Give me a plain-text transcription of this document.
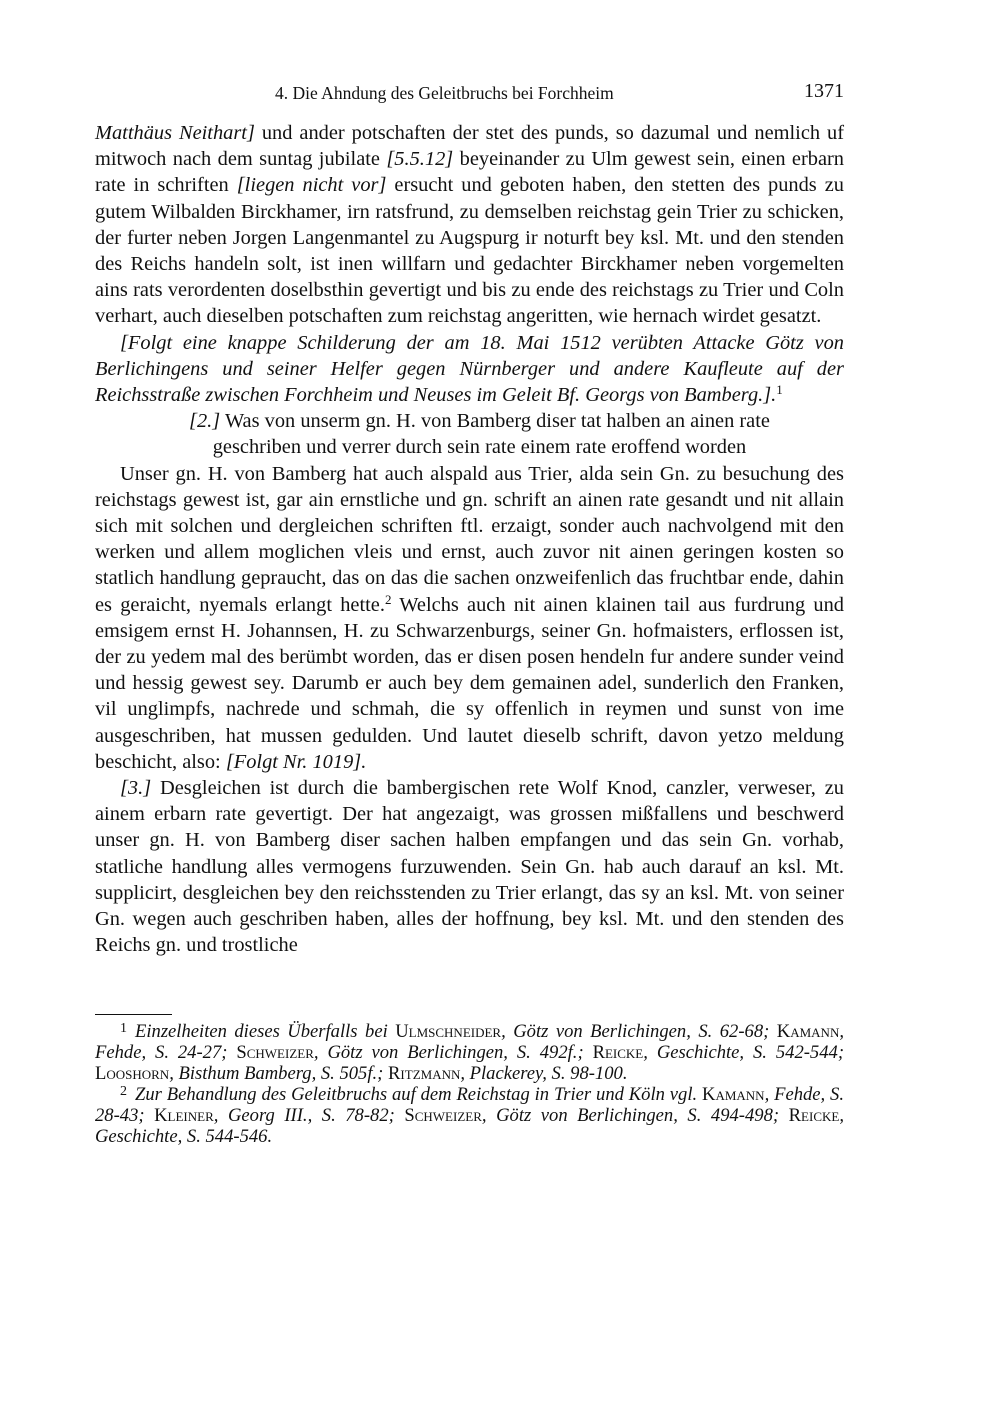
4. Die Ahndung des Geleitbruchs bei Forchheim	1371

Matthäus Neithart] und ander potschaften der stet des punds, so dazumal und nemlich uf mitwoch nach dem suntag jubilate [5.5.12] beyeinander zu Ulm gewest sein, einen erbarn rate in schriften [liegen nicht vor] ersucht und geboten haben, den stetten des punds zu gutem Wilbalden Birckhamer, irn ratsfrund, zu demselben reichstag gein Trier zu schicken, der furter neben Jorgen Langenmantel zu Augspurg ir noturft bey ksl. Mt. und den stenden des Reichs handeln solt, ist inen willfarn und gedachter Birckhamer neben vorgemelten ains rats verordenten doselbsthin gevertigt und bis zu ende des reichstags zu Trier und Coln verhart, auch dieselben potschaften zum reichstag angeritten, wie hernach wirdet gesatzt.

[Folgt eine knappe Schilderung der am 18. Mai 1512 verübten Attacke Götz von Berlichingens und seiner Helfer gegen Nürnberger und andere Kaufleute auf der Reichsstraße zwischen Forchheim und Neuses im Geleit Bf. Georgs von Bamberg.].$^1$

[2.] Was von unserm gn. H. von Bamberg diser tat halben an ainen rate geschriben und verrer durch sein rate einem rate eroffend worden

Unser gn. H. von Bamberg hat auch alspald aus Trier, alda sein Gn. zu besuchung des reichstags gewest ist, gar ain ernstliche und gn. schrift an ainen rate gesandt und nit allain sich mit solchen und dergleichen schriften ftl. erzaigt, sonder auch nachvolgend mit den werken und allem moglichen vleis und ernst, auch zuvor nit ainen geringen kosten so statlich handlung gepraucht, das on das die sachen onzweifenlich das fruchtbar ende, dahin es geraicht, nyemals erlangt hette.$^2$ Welchs auch nit ainen klainen tail aus furdrung und emsigem ernst H. Johannsen, H. zu Schwarzenburgs, seiner Gn. hofmaisters, erflossen ist, der zu yedem mal des berümbt worden, das er disen posen hendeln fur andere sunder veind und hessig gewest sey. Darumb er auch bey dem gemainen adel, sunderlich den Franken, vil unglimpfs, nachrede und schmah, die sy offenlich in reymen und sunst von ime ausgeschriben, hat mussen gedulden. Und lautet dieselb schrift, davon yetzo meldung beschicht, also: [Folgt Nr. 1019].

[3.] Desgleichen ist durch die bambergischen rete Wolf Knod, canzler, verweser, zu ainem erbarn rate gevertigt. Der hat angezaigt, was grossen mißfallens und beschwerd unser gn. H. von Bamberg diser sachen halben empfangen und das sein Gn. vorhab, statliche handlung alles vermogens furzuwenden. Sein Gn. hab auch darauf an ksl. Mt. supplicirt, desgleichen bey den reichsstenden zu Trier erlangt, das sy an ksl. Mt. von seiner Gn. wegen auch geschriben haben, alles der hoffnung, bey ksl. Mt. und den stenden des Reichs gn. und trostliche

$^1$ Einzelheiten dieses Überfalls bei Ulmschneider, Götz von Berlichingen, S. 62-68; Kamann, Fehde, S. 24-27; Schweizer, Götz von Berlichingen, S. 492f.; Reicke, Geschichte, S. 542-544; Looshorn, Bisthum Bamberg, S. 505f.; Ritzmann, Plackerey, S. 98-100.

$^2$ Zur Behandlung des Geleitbruchs auf dem Reichstag in Trier und Köln vgl. Kamann, Fehde, S. 28-43; Kleiner, Georg III., S. 78-82; Schweizer, Götz von Berlichingen, S. 494-498; Reicke, Geschichte, S. 544-546.
